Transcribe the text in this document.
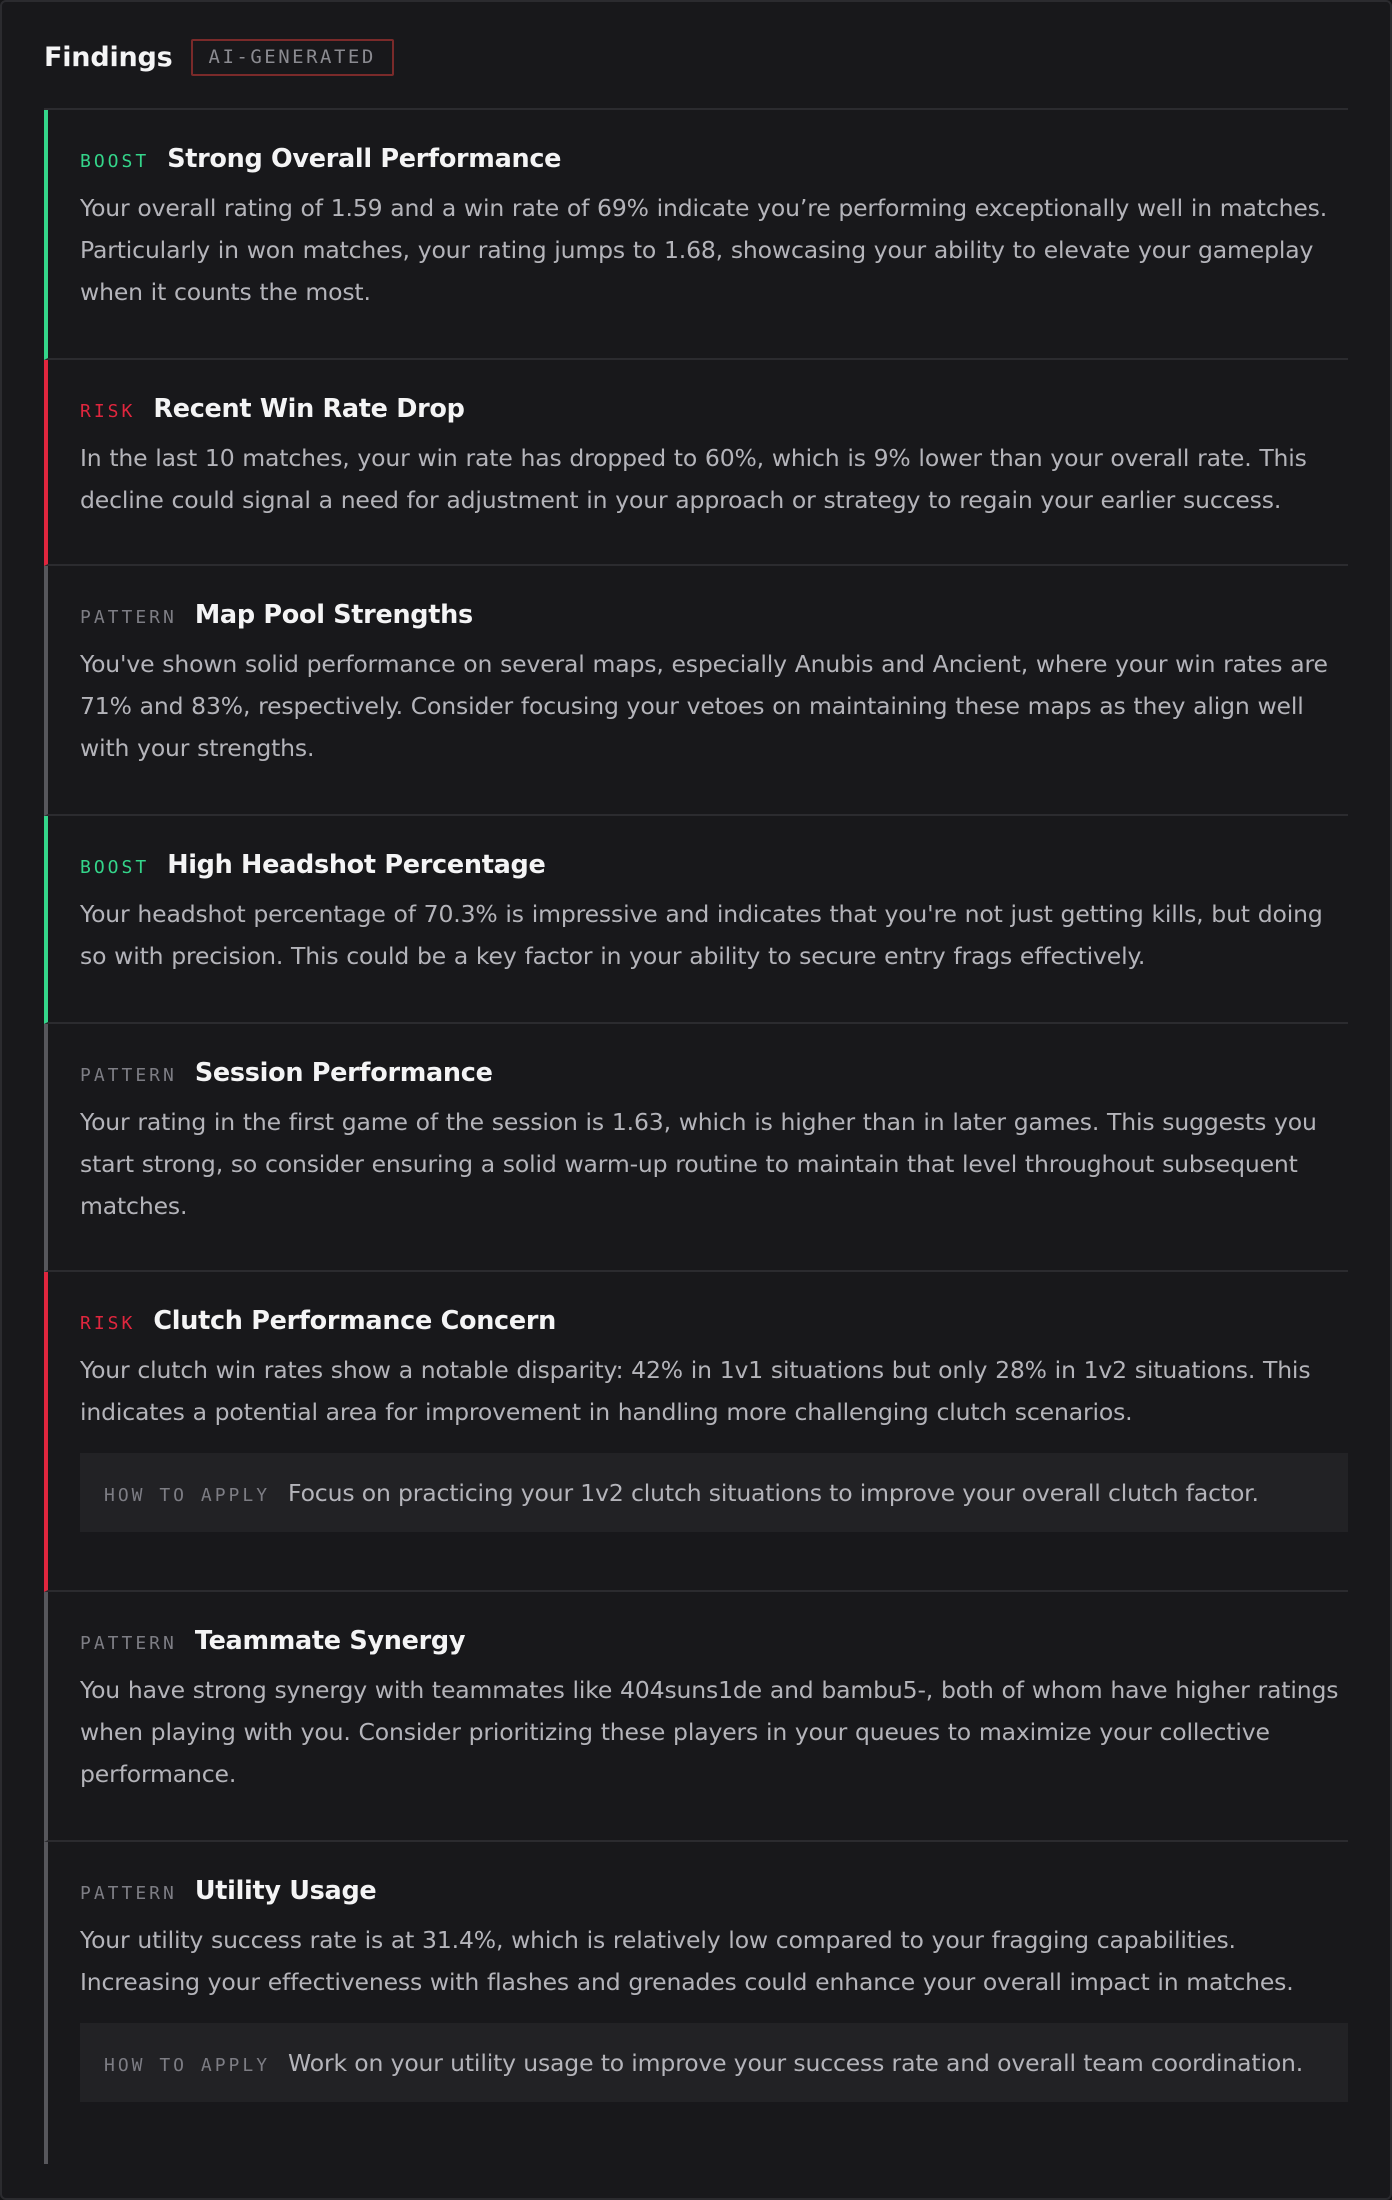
Findings	AI-GENERATED
BOOST Strong Overall Performance
Your overall rating of 1.59 and a win rate of 69% indicate you’re performing exceptionally well in matches. Particularly in won matches, your rating jumps to 1.68, showcasing your ability to elevate your gameplay when it counts the most.
RISK Recent Win Rate Drop
In the last 10 matches, your win rate has dropped to 60%, which is 9% lower than your overall rate. This decline could signal a need for adjustment in your approach or strategy to regain your earlier success.
PATTERN Map Pool Strengths
You've shown solid performance on several maps, especially Anubis and Ancient, where your win rates are 71% and 83%, respectively. Consider focusing your vetoes on maintaining these maps as they align well with your strengths.
BOOST High Headshot Percentage
Your headshot percentage of 70.3% is impressive and indicates that you're not just getting kills, but doing so with precision. This could be a key factor in your ability to secure entry frags effectively.
PATTERN Session Performance
Your rating in the first game of the session is 1.63, which is higher than in later games. This suggests you start strong, so consider ensuring a solid warm-up routine to maintain that level throughout subsequent matches.
RISK Clutch Performance Concern
Your clutch win rates show a notable disparity: 42% in 1v1 situations but only 28% in 1v2 situations. This indicates a potential area for improvement in handling more challenging clutch scenarios.
HOW TO APPLY Focus on practicing your 1v2 clutch situations to improve your overall clutch factor.
PATTERN Teammate Synergy
You have strong synergy with teammates like 404suns1de and bambu5-, both of whom have higher ratings when playing with you. Consider prioritizing these players in your queues to maximize your collective performance.
PATTERN Utility Usage
Your utility success rate is at 31.4%, which is relatively low compared to your fragging capabilities. Increasing your effectiveness with flashes and grenades could enhance your overall impact in matches.
HOW TO APPLY Work on your utility usage to improve your success rate and overall team coordination.
